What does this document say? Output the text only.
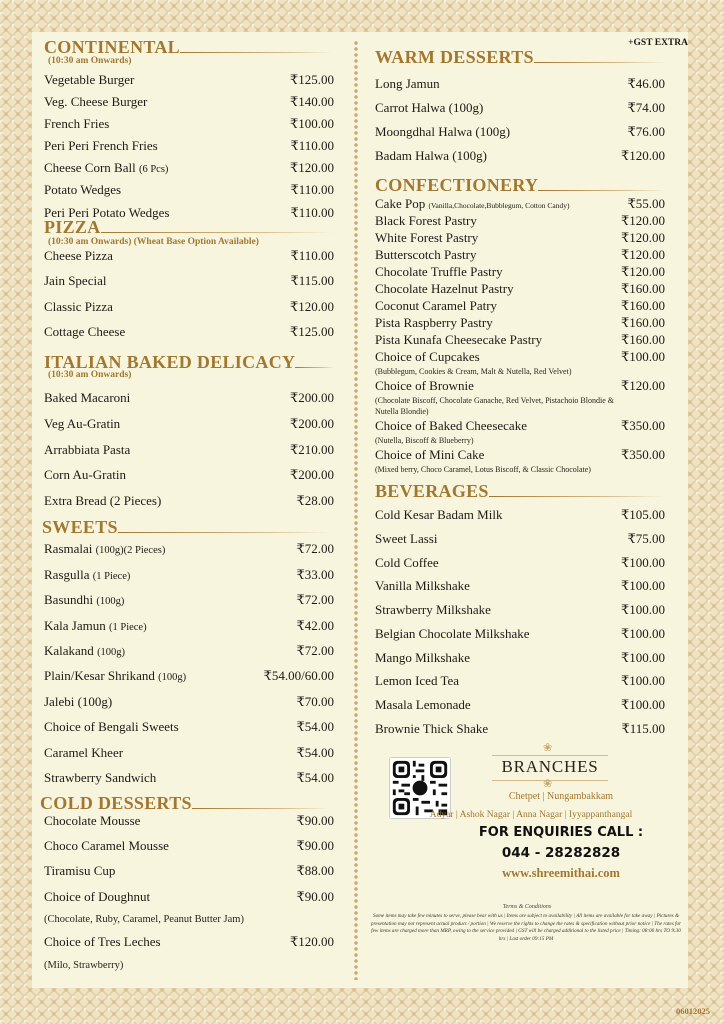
+GST EXTRA
CONTINENTAL
(10:30 am Onwards)
Vegetable Burger	₹125.00
Veg. Cheese Burger	₹140.00
French Fries	₹100.00
Peri Peri French Fries	₹110.00
Cheese Corn Ball (6 Pcs)	₹120.00
Potato Wedges	₹110.00
Peri Peri Potato Wedges	₹110.00
PIZZA
(10:30 am Onwards) (Wheat Base Option Available)
Cheese Pizza	₹110.00
Jain Special	₹115.00
Classic Pizza	₹120.00
Cottage Cheese	₹125.00
ITALIAN BAKED DELICACY
(10:30 am Onwards)
Baked Macaroni	₹200.00
Veg Au-Gratin	₹200.00
Arrabbiata Pasta	₹210.00
Corn Au-Gratin	₹200.00
Extra Bread (2 Pieces)	₹28.00
SWEETS
Rasmalai (100g)(2 Pieces)	₹72.00
Rasgulla (1 Piece)	₹33.00
Basundhi (100g)	₹72.00
Kala Jamun (1 Piece)	₹42.00
Kalakand (100g)	₹72.00
Plain/Kesar Shrikand (100g)	₹54.00/60.00
Jalebi (100g)	₹70.00
Choice of Bengali Sweets	₹54.00
Caramel Kheer	₹54.00
Strawberry Sandwich	₹54.00
COLD DESSERTS
Chocolate Mousse	₹90.00
Choco Caramel Mousse	₹90.00
Tiramisu Cup	₹88.00
Choice of Doughnut	₹90.00
(Chocolate, Ruby, Caramel, Peanut Butter Jam)
Choice of Tres Leches	₹120.00
(Milo, Strawberry)
WARM DESSERTS
Long Jamun	₹46.00
Carrot Halwa (100g)	₹74.00
Moongdhal Halwa (100g)	₹76.00
Badam Halwa (100g)	₹120.00
CONFECTIONERY
Cake Pop (Vanilla,Chocolate,Bubblegum, Cotton Candy)	₹55.00
Black Forest Pastry	₹120.00
White Forest Pastry	₹120.00
Butterscotch Pastry	₹120.00
Chocolate Truffle Pastry	₹120.00
Chocolate Hazelnut Pastry	₹160.00
Coconut Caramel Patry	₹160.00
Pista Raspberry Pastry	₹160.00
Pista Kunafa Cheesecake Pastry	₹160.00
Choice of Cupcakes	₹100.00
(Bubblegum, Cookies & Cream, Malt & Nutella, Red Velvet)
Choice of Brownie	₹120.00
(Chocolate Biscoff, Chocolate Ganache, Red Velvet, Pistachoio Blondie &
Nutella Blondie)
Choice of Baked Cheesecake	₹350.00
(Nutella, Biscoff & Blueberry)
Choice of Mini Cake	₹350.00
(Mixed berry, Choco Caramel, Lotus Biscoff, & Classic Chocolate)
BEVERAGES
Cold Kesar Badam Milk	₹105.00
Sweet Lassi	₹75.00
Cold Coffee	₹100.00
Vanilla Milkshake	₹100.00
Strawberry Milkshake	₹100.00
Belgian Chocolate Milkshake	₹100.00
Mango Milkshake	₹100.00
Lemon Iced Tea	₹100.00
Masala Lemonade	₹100.00
Brownie Thick Shake	₹115.00
❀
BRANCHES
❀
Chetpet | Nungambakkam
Adyar | Ashok Nagar | Anna Nagar | Iyyappanthangal
FOR ENQUIRIES CALL :
044 - 28282828
www.shreemithai.com
Terms & Conditions
Some items may take few minutes to serve, please bear with us | Items are subject to availability | All items are available for take away | Pictures & presentation may not represent actual product / portion | We reserve the rights to change the rates & specification without prior notice | The rates for few items are charged more than MRP, owing to the service provided | GST will be charged additional to the listed price | Timing: 08:00 hrs TO 9:30 hrs | Last order 09:15 PM
06012025
